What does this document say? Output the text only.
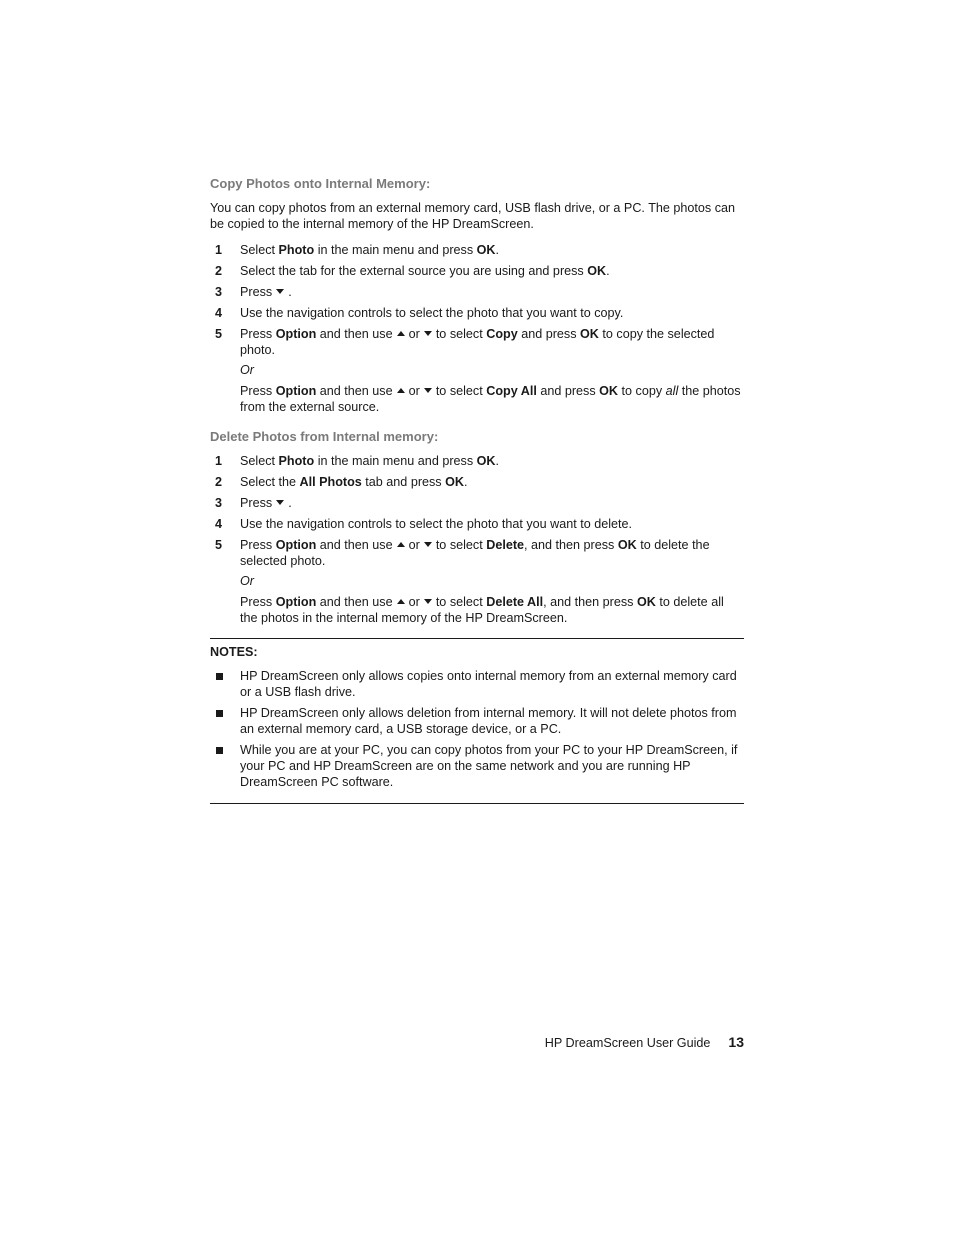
Copy Photos onto Internal Memory:

You can copy photos from an external memory card, USB flash drive, or a PC. The photos can be copied to the internal memory of the HP DreamScreen.

1	Select Photo in the main menu and press OK.
2	Select the tab for the external source you are using and press OK.
3	Press .
4	Use the navigation controls to select the photo that you want to copy.
5	Press Option and then use or to select Copy and press OK to copy the selected photo.

Or

Press Option and then use or to select Copy All and press OK to copy all the photos from the external source.

Delete Photos from Internal memory:

1	Select Photo in the main menu and press OK.
2	Select the All Photos tab and press OK.
3	Press .
4	Use the navigation controls to select the photo that you want to delete.
5	Press Option and then use or to select Delete, and then press OK to delete the selected photo.

Or

Press Option and then use or to select Delete All, and then press OK to delete all the photos in the internal memory of the HP DreamScreen.

NOTES:

HP DreamScreen only allows copies onto internal memory from an external memory card or a USB flash drive.
HP DreamScreen only allows deletion from internal memory. It will not delete photos from an external memory card, a USB storage device, or a PC.
While you are at your PC, you can copy photos from your PC to your HP DreamScreen, if your PC and HP DreamScreen are on the same network and you are running HP DreamScreen PC software.
HP DreamScreen User Guide 13
